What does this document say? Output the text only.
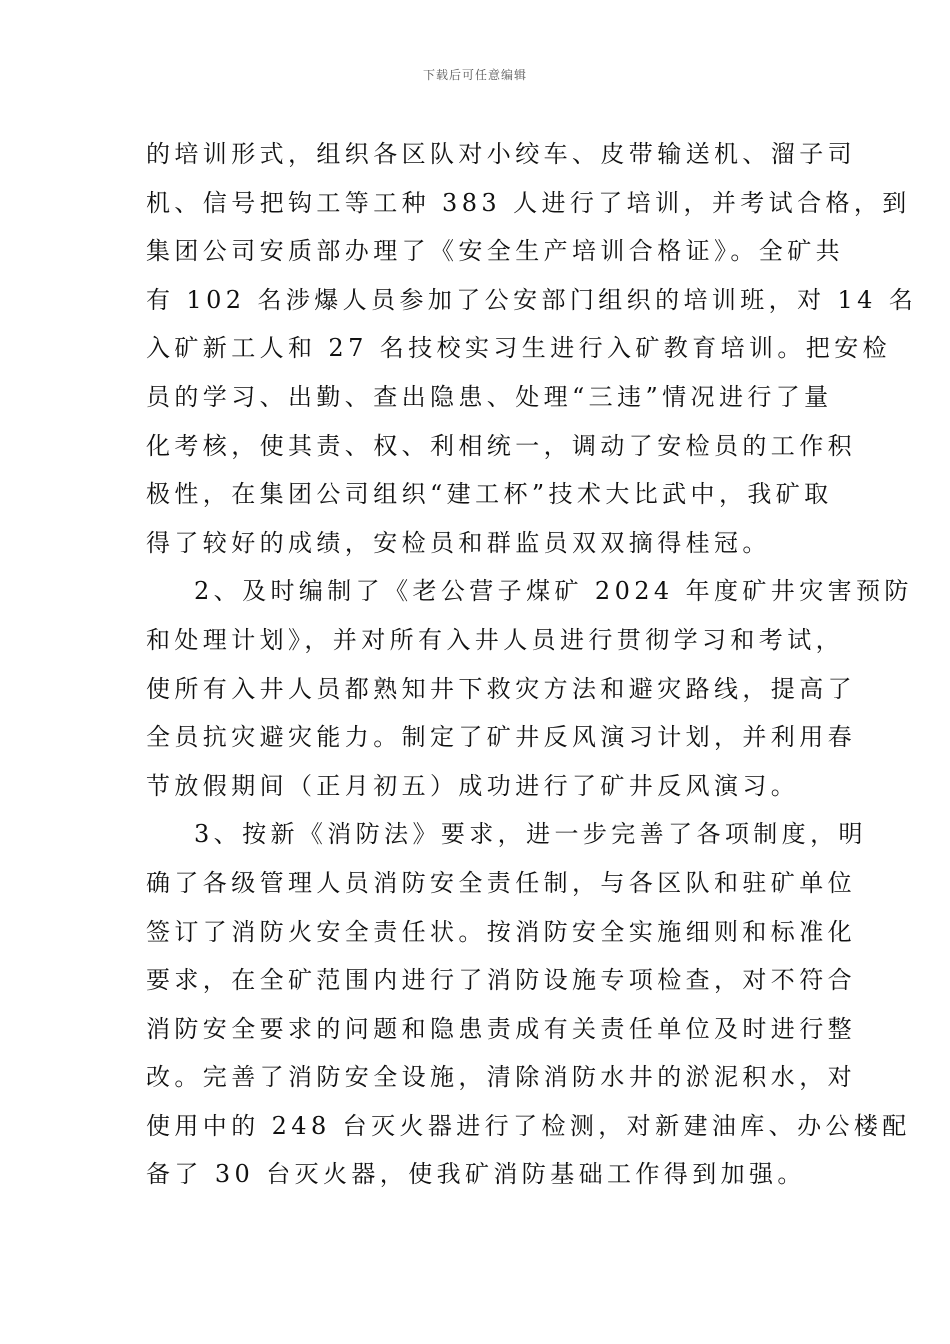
下载后可任意编辑
的培训形式，组织各区队对小绞车、皮带输送机、溜子司
机、信号把钩工等工种 383 人进行了培训，并考试合格，到
集团公司安质部办理了《安全生产培训合格证》。全矿共
有 102 名涉爆人员参加了公安部门组织的培训班，对 14 名
入矿新工人和 27 名技校实习生进行入矿教育培训。把安检
员的学习、出勤、查出隐患、处理“三违”情况进行了量
化考核，使其责、权、利相统一，调动了安检员的工作积
极性，在集团公司组织“建工杯”技术大比武中，我矿取
得了较好的成绩，安检员和群监员双双摘得桂冠。
2、及时编制了《老公营子煤矿 2024 年度矿井灾害预防
和处理计划》，并对所有入井人员进行贯彻学习和考试，
使所有入井人员都熟知井下救灾方法和避灾路线，提高了
全员抗灾避灾能力。制定了矿井反风演习计划，并利用春
节放假期间（正月初五）成功进行了矿井反风演习。
3、按新《消防法》要求，进一步完善了各项制度，明
确了各级管理人员消防安全责任制，与各区队和驻矿单位
签订了消防火安全责任状。按消防安全实施细则和标准化
要求，在全矿范围内进行了消防设施专项检查，对不符合
消防安全要求的问题和隐患责成有关责任单位及时进行整
改。完善了消防安全设施，清除消防水井的淤泥积水，对
使用中的 248 台灭火器进行了检测，对新建油库、办公楼配
备了 30 台灭火器，使我矿消防基础工作得到加强。
